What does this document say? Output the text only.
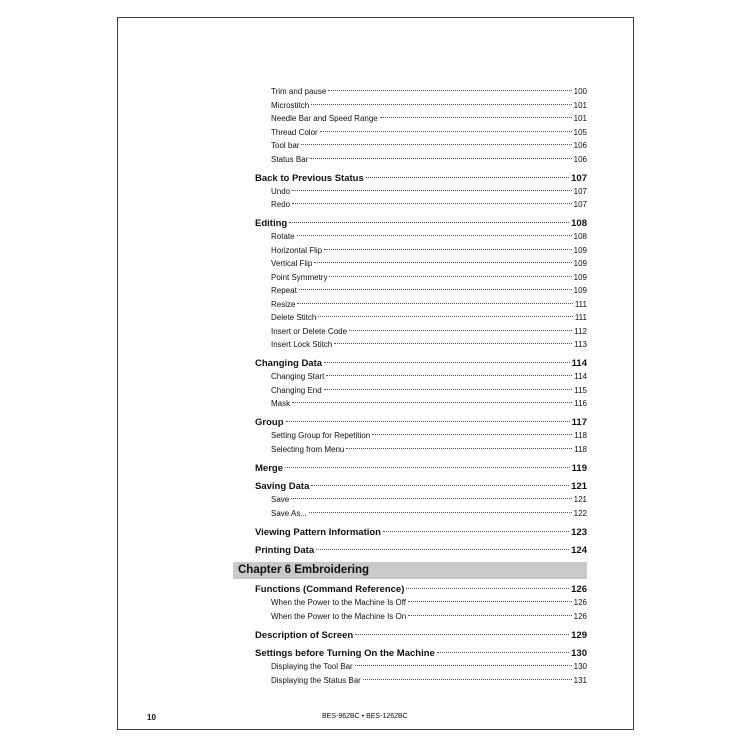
Trim and pause	100
Microstitch	101
Needle Bar and Speed Range	101
Thread Color	105
Tool bar	106
Status Bar	106
Back to Previous Status	107
Undo	107
Redo	107
Editing	108
Rotate	108
Horizontal Flip	109
Vertical Flip	109
Point Symmetry	109
Repeat	109
Resize	111
Delete Stitch	111
Insert or Delete Code	112
Insert Lock Stitch	113
Changing Data	114
Changing Start	114
Changing End	115
Mask	116
Group	117
Setting Group for Repetition	118
Selecting from Menu	118
Merge	119
Saving Data	121
Save	121
Save As...	122
Viewing Pattern Information	123
Printing Data	124
Chapter 6 Embroidering
Functions (Command Reference)	126
When the Power to the Machine Is Off	126
When the Power to the Machine Is On	126
Description of Screen	129
Settings before Turning On the Machine	130
Displaying the Tool Bar	130
Displaying the Status Bar	131
10	BES-962BC • BES-1262BC
